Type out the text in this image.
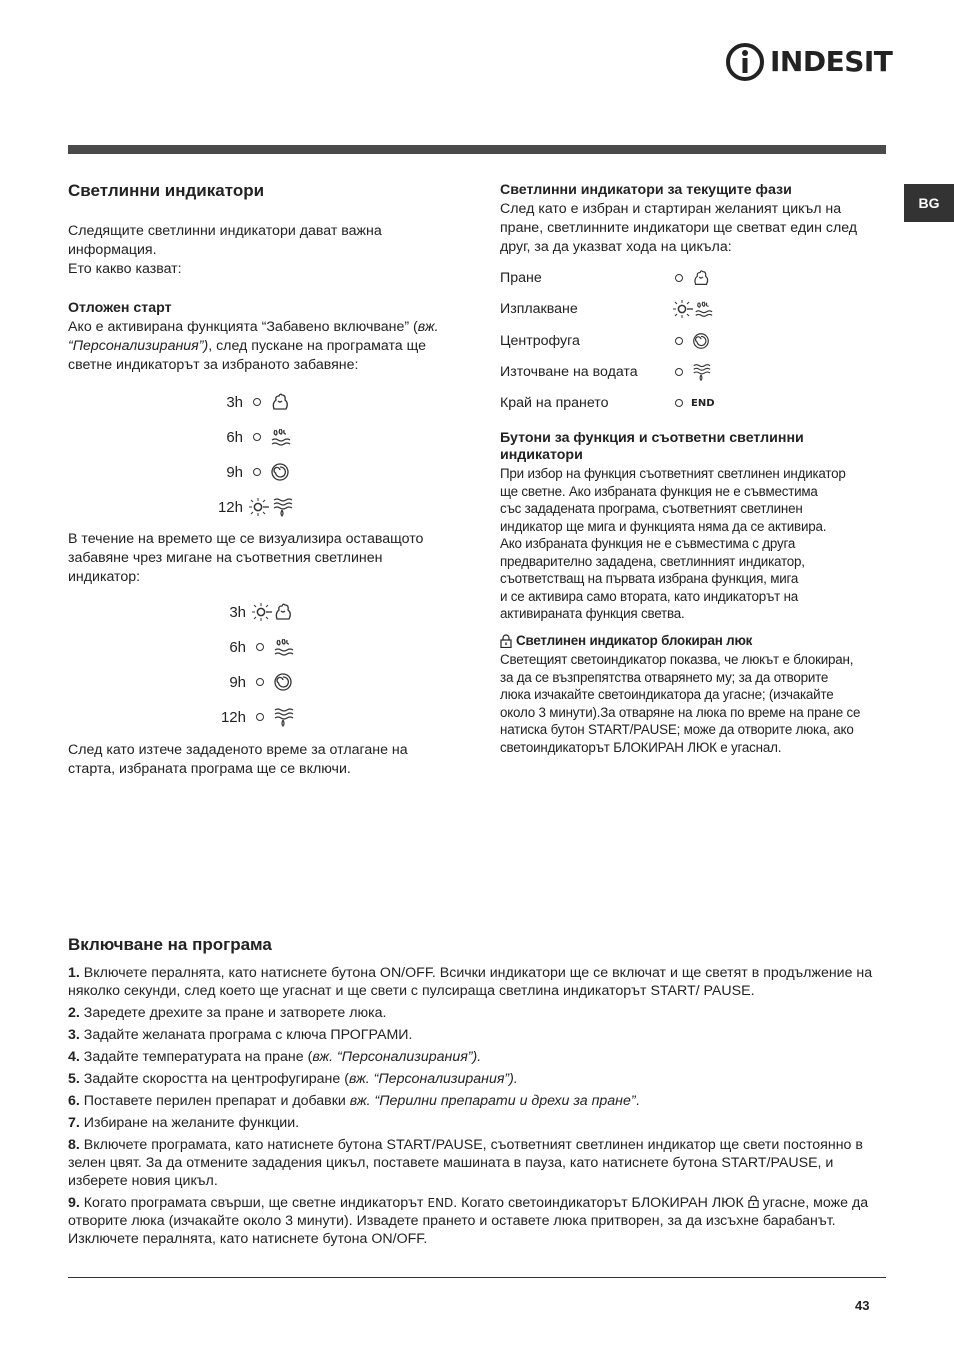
INDESIT
BG
Светлинни индикатори
Следящите светлинни индикатори дават важна
информация.
Ето какво казват:
Отложен старт
Ако е активирана функцията “Забавено включване” (вж.
“Персонализирания”), след пускане на програмата ще
светне индикаторът за избраното забавяне:
3h
6h
9h
12h
В течение на времето ще се визуализира оставащото
забавяне чрез мигане на съответния светлинен
индикатор:
3h
6h
9h
12h
След като изтече зададеното време за отлагане на
старта, избраната програма ще се включи.
Светлинни индикатори за текущите фази
След като е избран и стартиран желаният цикъл на
пране, светлинните индикатори ще светват един след
друг, за да указват хода на цикъла:
Пране
Изплакване
Центрофуга
Източване на водата
Край на прането	END
Бутони за функция и съответни светлинни
индикатори
При избор на функция съответният светлинен индикатор
ще светне. Ако избраната функция не е съвместима
със зададената програма, съответният светлинен
индикатор ще мига и функцията няма да се активира.
Ако избраната функция не е съвместима с друга
предварително зададена, светлинният индикатор,
съответстващ на първата избрана функция, мига
и се активира само втората, като индикаторът на
активираната функция светва.
Светлинен индикатор блокиран люк
Светещият светоиндикатор показва, че люкът е блокиран,
за да се възпрепятства отварянето му; за да отворите
люка изчакайте светоиндикатора да угасне; (изчакайте
около 3 минути).За отваряне на люка по време на пране се
натиска бутон START/PAUSE; може да отворите люка, ако
светоиндикаторът БЛОКИРАН ЛЮК е угаснал.
Включване на програма

1. Включете пералнята, като натиснете бутона ON/OFF. Всички индикатори ще се включат и ще светят в продължение на няколко секунди, след което ще угаснат и ще свети с пулсираща светлина индикаторът START/ PAUSE.

2. Заредете дрехите за пране и затворете люка.

3. Задайте желаната програма с ключа ПРОГРАМИ.

4. Задайте температурата на пране (вж. “Персонализирания”).

5. Задайте скоростта на центрофугиране (вж. “Персонализирания”).

6. Поставете перилен препарат и добавки вж. “Перилни препарати и дрехи за пране”.

7. Избиране на желаните функции.

8. Включете програмата, като натиснете бутона START/PAUSE, съответният светлинен индикатор ще свети постоянно в зелен цвят. За да отмените зададения цикъл, поставете машината в пауза, като натиснете бутона START/PAUSE, и изберете новия цикъл.

9. Когато програмата свърши, ще светне индикаторът END. Когато светоиндикаторът БЛОКИРАН ЛЮК  угасне, може да отворите люка (изчакайте около 3 минути). Извадете прането и оставете люка притворен, за да изсъхне барабанът. Изключете пералнята, като натиснете бутона ON/OFF.

43
